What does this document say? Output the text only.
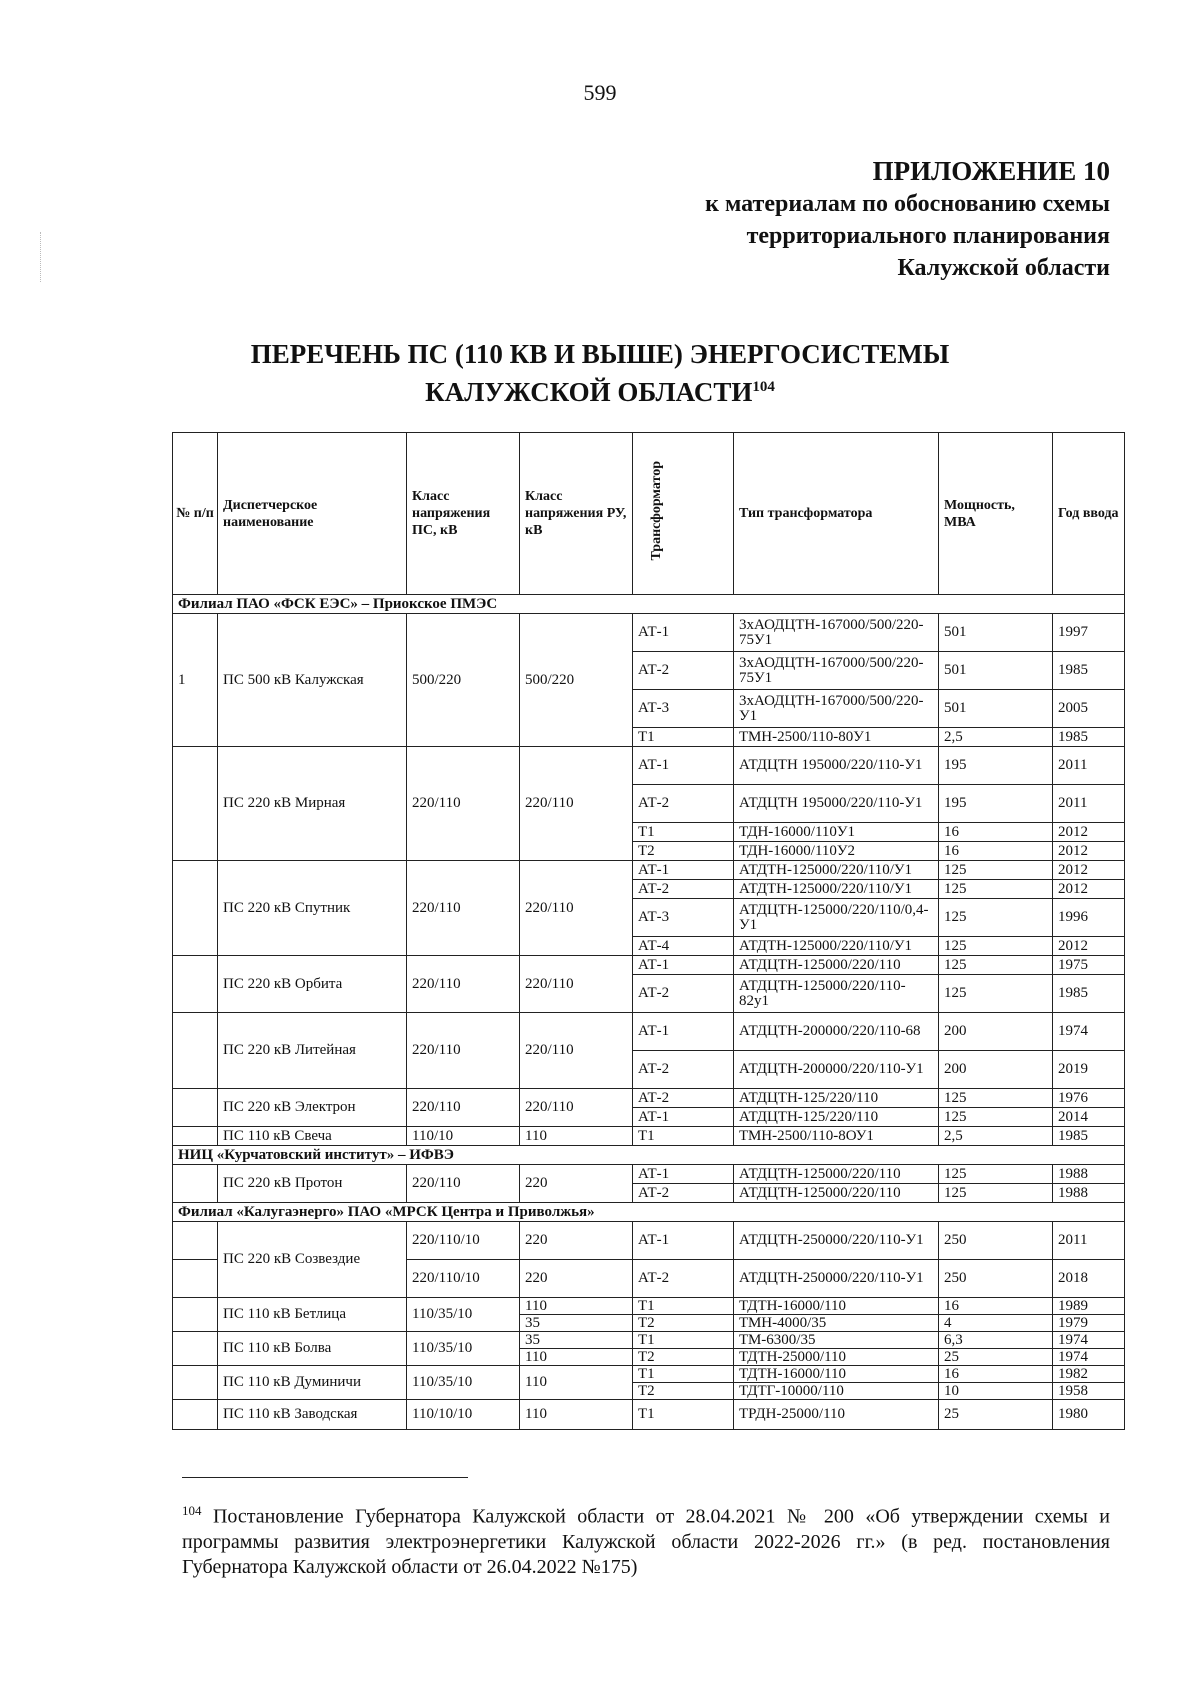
599
ПРИЛОЖЕНИЕ 10
к материалам по обоснованию схемы
территориального планирования
Калужской области
ПЕРЕЧЕНЬ ПС (110 КВ И ВЫШЕ) ЭНЕРГОСИСТЕМЫ
КАЛУЖСКОЙ ОБЛАСТИ$^{104}$
№ п/п	Диспетчерское наименование	Класс напряжения ПС, кВ	Класс напряжения РУ, кВ	Трансформатор	Тип трансформатора	Мощность, МВА	Год ввода
Филиал ПАО «ФСК ЕЭС» – Приокское ПМЭС							
1	ПС 500 кВ Калужская	500/220	500/220	АТ-1	3хАОДЦТН-167000/500/220-75У1	501	1997
				АТ-2	3хАОДЦТН-167000/500/220-75У1	501	1985
				АТ-3	3хАОДЦТН-167000/500/220-У1	501	2005
				Т1	ТМН-2500/110-80У1	2,5	1985
	ПС 220 кВ Мирная	220/110	220/110	АТ-1	АТДЦТН 195000/220/110-У1	195	2011
				АТ-2	АТДЦТН 195000/220/110-У1	195	2011
				Т1	ТДН-16000/110У1	16	2012
				Т2	ТДН-16000/110У2	16	2012
	ПС 220 кВ Спутник	220/110	220/110	АТ-1	АТДТН-125000/220/110/У1	125	2012
				АТ-2	АТДТН-125000/220/110/У1	125	2012
				АТ-3	АТДЦТН-125000/220/110/0,4-У1	125	1996
				АТ-4	АТДТН-125000/220/110/У1	125	2012
	ПС 220 кВ Орбита	220/110	220/110	АТ-1	АТДЦТН-125000/220/110	125	1975
				АТ-2	АТДЦТН-125000/220/110-82у1	125	1985
	ПС 220 кВ Литейная	220/110	220/110	АТ-1	АТДЦТН-200000/220/110-68	200	1974
				АТ-2	АТДЦТН-200000/220/110-У1	200	2019
	ПС 220 кВ Электрон	220/110	220/110	АТ-2	АТДЦТН-125/220/110	125	1976
				АТ-1	АТДЦТН-125/220/110	125	2014
	ПС 110 кВ Свеча	110/10	110	Т1	ТМН-2500/110-8ОУ1	2,5	1985
НИЦ «Курчатовский институт» – ИФВЭ							
	ПС 220 кВ Протон	220/110	220	АТ-1	АТДЦТН-125000/220/110	125	1988
				АТ-2	АТДЦТН-125000/220/110	125	1988
Филиал «Калугаэнерго» ПАО «МРСК Центра и Приволжья»							
	ПС 220 кВ Созвездие	220/110/10	220	АТ-1	АТДЦТН-250000/220/110-У1	250	2011
		220/110/10	220	АТ-2	АТДЦТН-250000/220/110-У1	250	2018
	ПС 110 кВ Бетлица	110/35/10	110	Т1	ТДТН-16000/110	16	1989
			35	Т2	ТМН-4000/35	4	1979
	ПС 110 кВ Болва	110/35/10	35	Т1	ТМ-6300/35	6,3	1974
			110	Т2	ТДТН-25000/110	25	1974
	ПС 110 кВ Думиничи	110/35/10	110	Т1	ТДТН-16000/110	16	1982
				Т2	ТДТГ-10000/110	10	1958
	ПС 110 кВ Заводская	110/10/10	110	Т1	ТРДН-25000/110	25	1980
$^{104}$ Постановление Губернатора Калужской области от 28.04.2021 № 200 «Об утверждении схемы и программы развития электроэнергетики Калужской области 2022-2026 гг.» (в ред. постановления Губернатора Калужской области от 26.04.2022 №175)
